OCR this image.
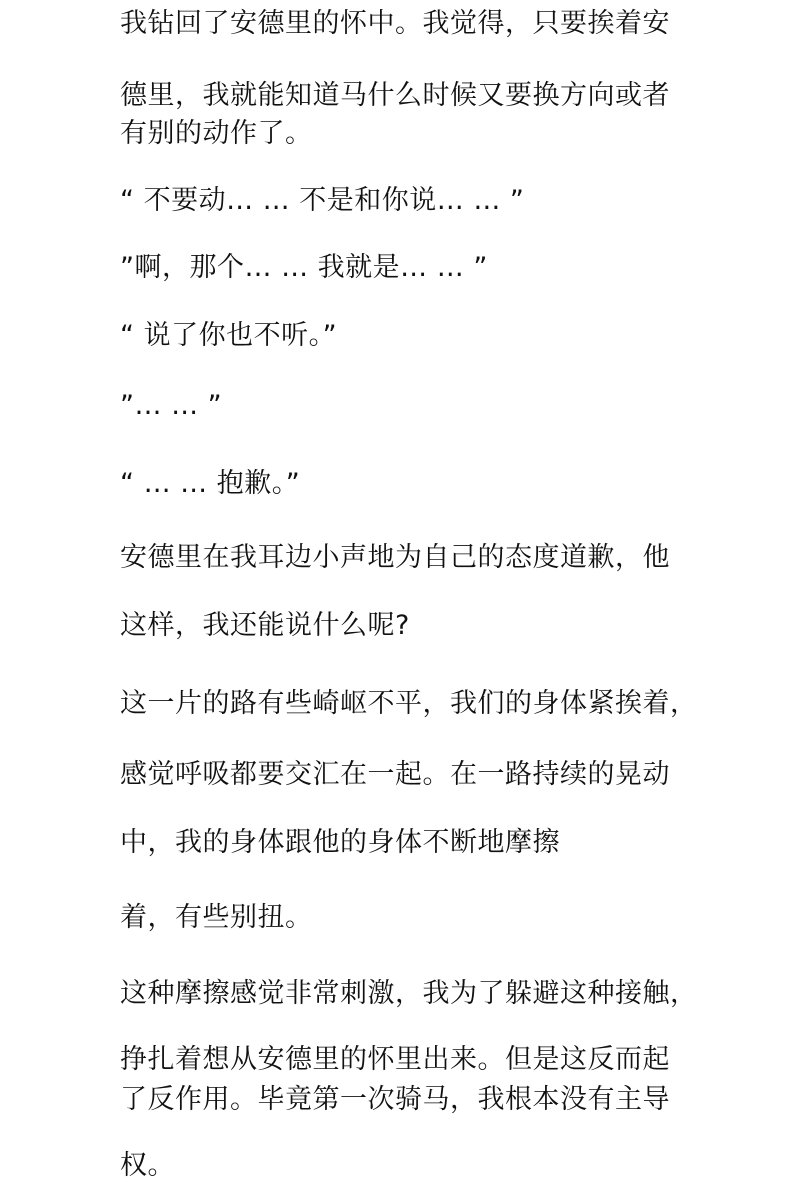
我钻回了安德里的怀中。我觉得，只要挨着安
德里，我就能知道马什么时候又要换方向或者
有别的动作了。
“ 不要动… … 不是和你说… … ”
”啊，那个… … 我就是… … ”
“ 说了你也不听。”
”… … ”
“ … … 抱歉。”
安德里在我耳边小声地为自己的态度道歉，他
这样，我还能说什么呢?
这一片的路有些崎岖不平，我们的身体紧挨着，
感觉呼吸都要交汇在一起。在一路持续的晃动
中，我的身体跟他的身体不断地摩擦
着，有些别扭。
这种摩擦感觉非常刺激，我为了躲避这种接触，
挣扎着想从安德里的怀里出来。但是这反而起
了反作用。毕竟第一次骑马，我根本没有主导
权。
